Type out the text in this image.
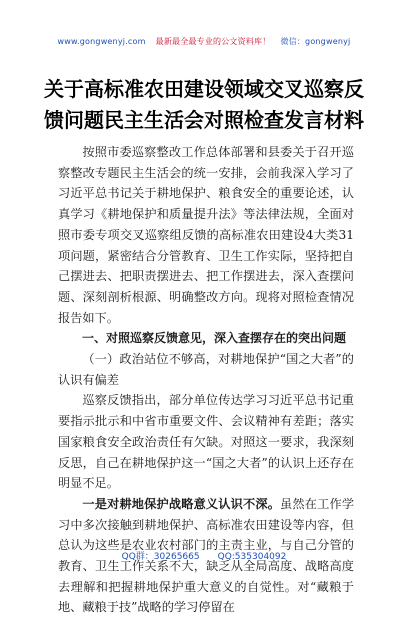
www.gongwenyj.com 最新最全最专业的公文资料库！ 微信：gongwenyj
关于高标准农田建设领域交叉巡察反馈问题民主生活会对照检查发言材料

按照市委巡察整改工作总体部署和县委关于召开巡察整改专题民主生活会的统一安排，会前我深入学习了习近平总书记关于耕地保护、粮食安全的重要论述，认真学习《耕地保护和质量提升法》等法律法规，全面对照市委专项交叉巡察组反馈的高标准农田建设4大类31项问题，紧密结合分管教育、卫生工作实际，坚持把自己摆进去、把职责摆进去、把工作摆进去，深入查摆问题、深刻剖析根源、明确整改方向。现将对照检查情况报告如下。

一、对照巡察反馈意见，深入查摆存在的突出问题

（一）政治站位不够高，对耕地保护“国之大者”的认识有偏差

巡察反馈指出，部分单位传达学习习近平总书记重要指示批示和中省市重要文件、会议精神有差距；落实国家粮食安全政治责任有欠缺。对照这一要求，我深刻反思，自己在耕地保护这一“国之大者”的认识上还存在明显不足。

一是对耕地保护战略意义认识不深。虽然在工作学习中多次接触到耕地保护、高标准农田建设等内容，但总认为这些是农业农村部门的主责主业，与自己分管的教育、卫生工作关系不大，缺乏从全局高度、战略高度去理解和把握耕地保护重大意义的自觉性。对“藏粮于地、藏粮于技”战略的学习停留在

QQ群：30265665 QQ:535304092
